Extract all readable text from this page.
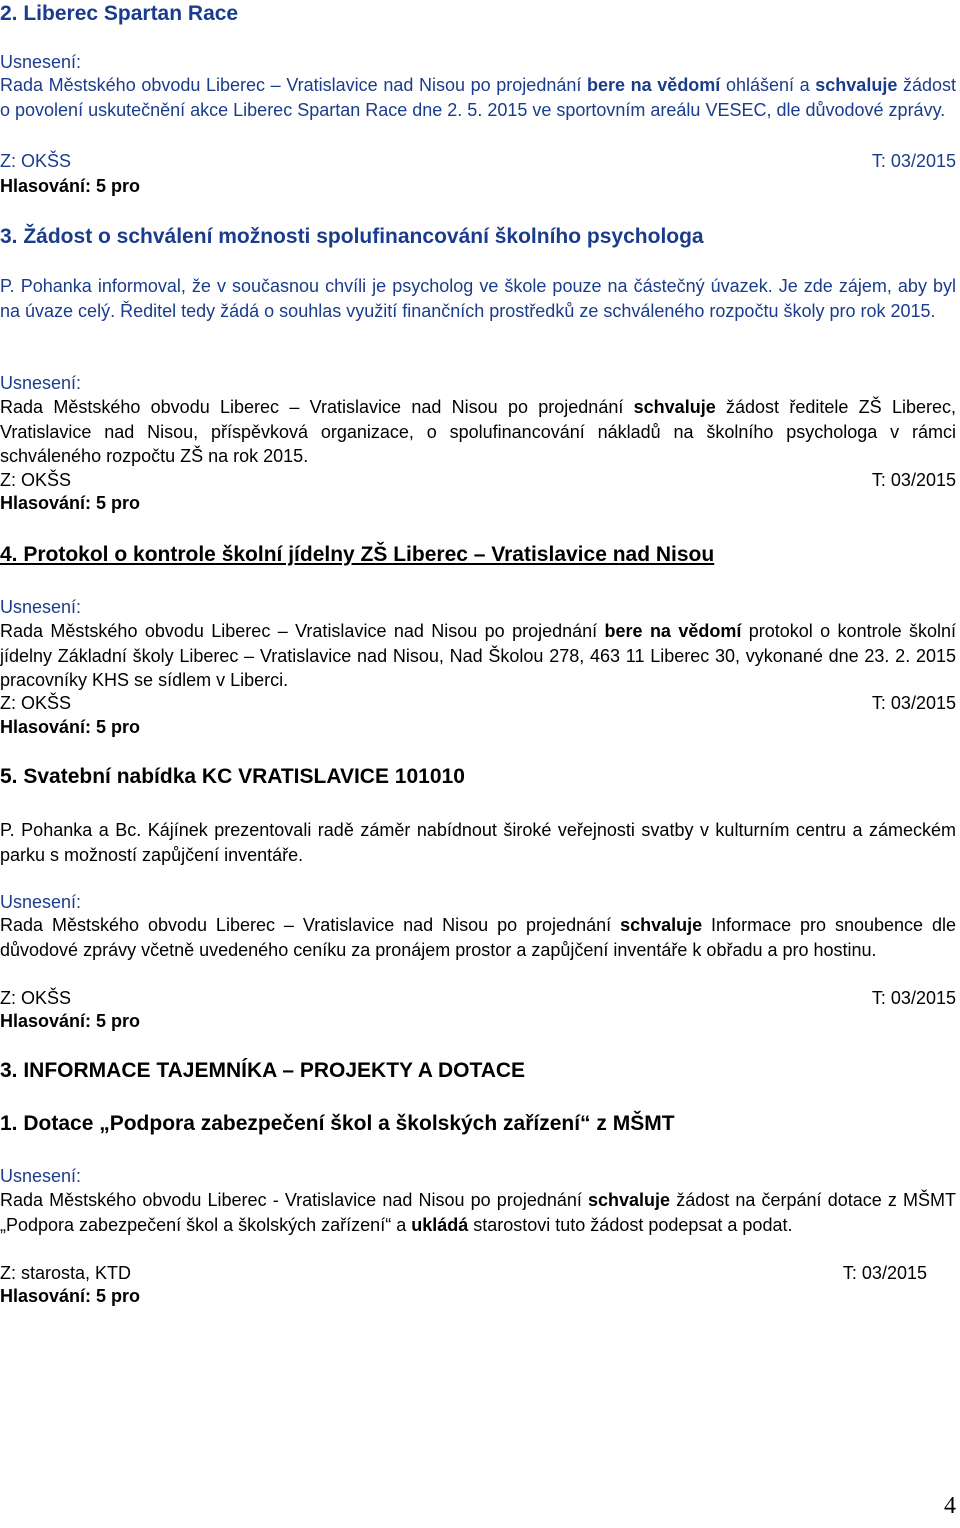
2. Liberec Spartan Race
Usnesení:
Rada Městského obvodu Liberec – Vratislavice nad Nisou po projednání bere na vědomí ohlášení a schvaluje žádost o povolení uskutečnění akce Liberec Spartan Race dne 2. 5. 2015 ve sportovním areálu VESEC, dle důvodové zprávy.
Z: OKŠS	T: 03/2015
Hlasování: 5 pro
3. Žádost o schválení možnosti spolufinancování školního psychologa
P. Pohanka informoval, že v současnou chvíli je psycholog ve škole pouze na částečný úvazek. Je zde zájem, aby byl na úvaze celý. Ředitel tedy žádá o souhlas využití finančních prostředků ze schváleného rozpočtu školy pro rok 2015.
Usnesení:
Rada Městského obvodu Liberec – Vratislavice nad Nisou po projednání schvaluje žádost ředitele ZŠ Liberec, Vratislavice nad Nisou, příspěvková organizace, o spolufinancování nákladů na školního psychologa v rámci schváleného rozpočtu ZŠ na rok 2015.
Z: OKŠS	T: 03/2015
Hlasování: 5 pro
4. Protokol o kontrole školní jídelny ZŠ Liberec – Vratislavice nad Nisou
Usnesení:
Rada Městského obvodu Liberec – Vratislavice nad Nisou po projednání bere na vědomí protokol o kontrole školní jídelny Základní školy Liberec – Vratislavice nad Nisou, Nad Školou 278, 463 11 Liberec 30, vykonané dne 23. 2. 2015 pracovníky KHS se sídlem v Liberci.
Z: OKŠS	T: 03/2015
Hlasování: 5 pro
5. Svatební nabídka KC VRATISLAVICE 101010
P. Pohanka a Bc. Kájínek prezentovali radě záměr nabídnout široké veřejnosti svatby v kulturním centru a zámeckém parku s možností zapůjčení inventáře.
Usnesení:
Rada Městského obvodu Liberec – Vratislavice nad Nisou po projednání schvaluje Informace pro snoubence dle důvodové zprávy včetně uvedeného ceníku za pronájem prostor a zapůjčení inventáře k obřadu a pro hostinu.
Z: OKŠS	T: 03/2015
Hlasování: 5 pro
3. INFORMACE TAJEMNÍKA – PROJEKTY A DOTACE
1. Dotace „Podpora zabezpečení škol a školských zařízení“ z MŠMT
Usnesení:
Rada Městského obvodu Liberec - Vratislavice nad Nisou po projednání schvaluje žádost na čerpání dotace z MŠMT „Podpora zabezpečení škol a školských zařízení“ a ukládá starostovi tuto žádost podepsat a podat.
Z: starosta, KTD	T: 03/2015
Hlasování: 5 pro
4
